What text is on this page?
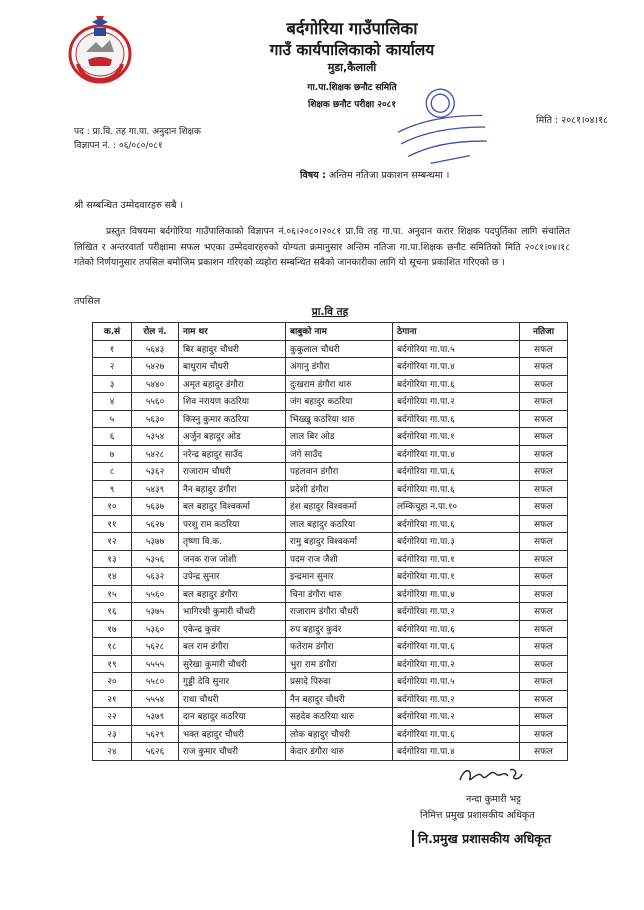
बर्दगोरिया गाउँपालिका
गाउँ कार्यपालिकाको कार्यालय
मुडा,कैलाली
गा.पा.शिक्षक छनौट समिति
शिक्षक छनौट परीक्षा २०८१
मिति : २०८१।०४।१८
पद : प्रा.वि. तह गा.पा. अनुदान शिक्षक
विज्ञापन नं. : ०६/०८०/०८१
विषय : अन्तिम नतिजा प्रकाशन सम्बन्धमा ।
श्री सम्बन्धित उम्मेदवारहरु सबै ।
प्रस्तुत विषयमा बर्दगोरिया गाउँपालिकाको विज्ञापन नं.०६।२०८०।२०८१ प्रा.वि तह गा.पा. अनुदान करार शिक्षक पदपुर्तिका लागि संचालित लिखित र अन्तरवार्ता परीक्षामा सफल भएका उम्मेदवारहरुको योग्यता क्रमानुसार अन्तिम नतिजा गा.पा.शिक्षक छनौट समितिको मिति २०८१।०४।१८ गतेको निर्णयानुसार तपसिल बमोजिम प्रकाशन गरिएको व्यहोरा सम्बन्धित सबैको जानकारीका लागि यो सूचना प्रकाशित गरिएको छ ।
तपसिल
प्रा.वि तह
क.सं	रोल नं.	नाम थर	बाबुको नाम	ठेगाना	नतिजा
१	५६४३	बिर बहादुर चौधरी	कुकुलाल चौधरी	बर्दगोरिया गा.पा.५	सफल
२	५४२७	बाधुराम चौधरी	अंगानु डंगौरा	बर्दगोरिया गा.पा.४	सफल
३	५४४०	अमृत बहादुर डंगौरा	दुःखराम डंगौरा थारु	बर्दगोरिया गा.पा.६	सफल
४	५५६०	शिव नरायण कठरिया	जंग बहादुर कठरिया	बर्दगोरिया गा.पा.२	सफल
५	५६३०	किस्नु कुमार कठरिया	भिख्खु कठरिया थारु	बर्दगोरिया गा.पा.६	सफल
६	५३५४	अर्जुन बहादुर ओड	लाल बिर ओड	बर्दगोरिया गा.पा.१	सफल
७	५४२८	नरेन्द्र बहादुर साउँद	जंगे साउँद	बर्दगोरिया गा.पा.४	सफल
८	५३६२	राजाराम चौधरी	पहलवान डंगौरा	बर्दगोरिया गा.पा.६	सफल
९	५४३९	नैन बहादुर डंगौरा	प्रदेशी डंगौरा	बर्दगोरिया गा.पा.६	सफल
१०	५६३७	बल बहादुर विश्वकर्मा	हंश बहादुर विश्वकर्मा	लम्किचुहा न.पा.१०	सफल
११	५६२७	परशु राम कठरिया	लाल बहादुर कठरिया	बर्दगोरिया गा.पा.६	सफल
१२	५३७७	तृष्णा वि.क.	रामु बहादुर विश्वकर्मा	बर्दगोरिया गा.पा.३	सफल
१३	५३५६	जनक राज जोशी	पदम राज जैशी	बर्दगोरिया गा.पा.१	सफल
१४	५६३२	उपेन्द्र सुनार	इन्द्रमान सुनार	बर्दगोरिया गा.पा.१	सफल
१५	५५६०	बल बहादुर डंगौरा	चिना डंगौरा थारु	बर्दगोरिया गा.पा.४	सफल
१६	५३७५	भागिरथी कुमारी चौधरी	राजाराम डंगौरा चौधरी	बर्दगोरिया गा.पा.२	सफल
१७	५३६०	एकेन्द्र कुवंर	रुप बहादुर कुवंर	बर्दगोरिया गा.पा.६	सफल
१८	५६२८	बल राम डंगौरा	फतेराम डंगौरा	बर्दगोरिया गा.पा.६	सफल
१९	५५५५	सुरेखा कुमारी चौधरी	भुरा राम डंगौरा	बर्दगोरिया गा.पा.२	सफल
२०	५५८०	गुड्डी देवि सुनार	प्रसादे पिरुवा	बर्दगोरिया गा.पा.५	सफल
२१	५५५४	राधा चौधरी	नैन बहादुर चौधरी	बर्दगोरिया गा.पा.२	सफल
२२	५३७९	दान बहादुर कठरिया	सहदेव कठरिया थारु	बर्दगोरिया गा.पा.२	सफल
२३	५६२९	भक्त बहादुर चौधरी	लोक बहादुर चौधरी	बर्दगोरिया गा.पा.६	सफल
२४	५६२६	राज कुमार चौधरी	केदार डंगौरा थारु	बर्दगोरिया गा.पा.४	सफल
नन्दा कुमारी भट्ट
निमित्त प्रमुख प्रशासकीय अधिकृत
नि.प्रमुख प्रशासकीय अधिकृत
